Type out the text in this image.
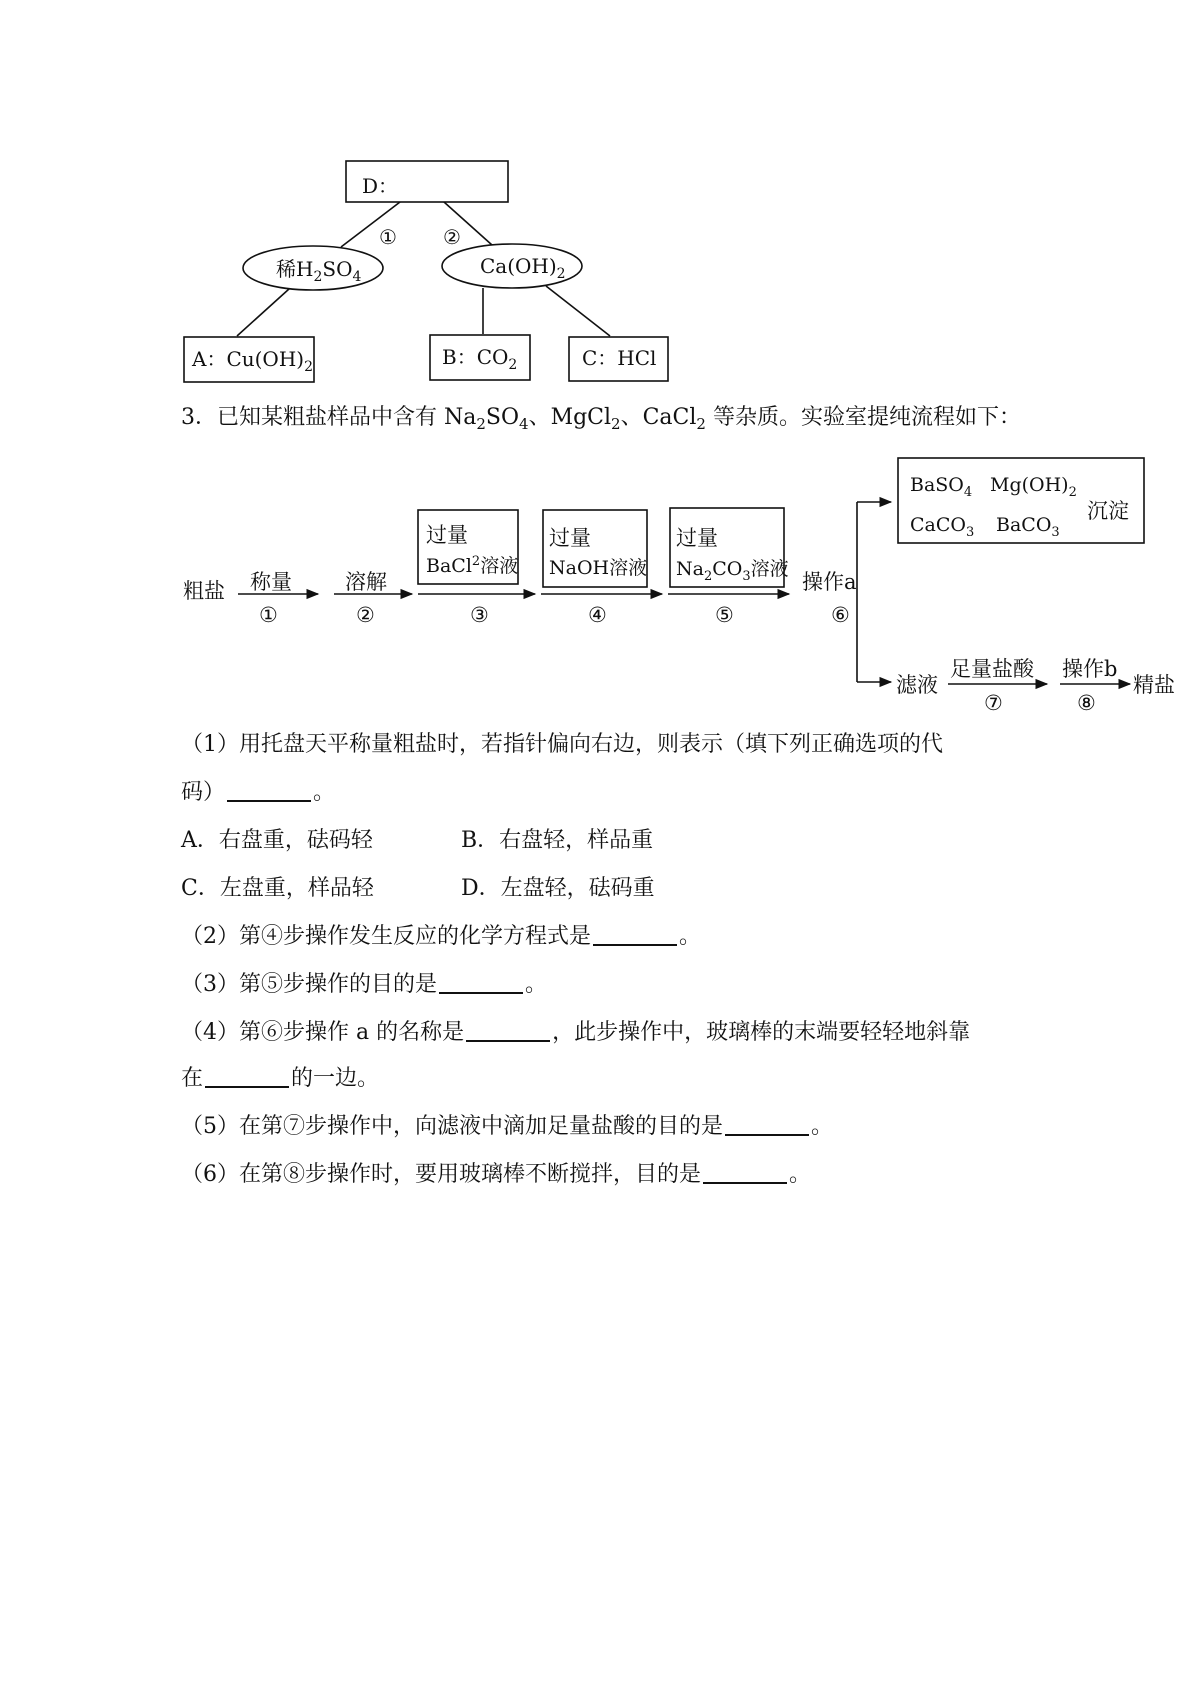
D：
① ②
稀$H_2SO_4$	$Ca(OH)_2$
A：$Cu(OH)_2$	B：$CO_2$	C：HCl
粗盐 称量
①
溶解
②
过量
BaCl$^2$溶液
③
过量
NaOH溶液
④
过量
$Na_2CO_3$溶液
⑤
操作a
⑥
BaSO$_4$ $Mg(OH)_2$
CaCO$_3$ BaCO$_3$
沉淀
滤液
足量盐酸
⑦
操作b
⑧
精盐
3．已知某粗盐样品中含有 $Na_2SO_4$、MgCl$_2$、CaCl$_2$ 等杂质。实验室提纯流程如下：
（1）用托盘天平称量粗盐时，若指针偏向右边，则表示（填下列正确选项的代
码）	。
A．右盘重，砝码轻	B．右盘轻，样品重
C．左盘重，样品轻	D．左盘轻，砝码重
（2）第④步操作发生反应的化学方程式是	。
（3）第⑤步操作的目的是	。
（4）第⑥步操作 a 的名称是	，此步操作中，玻璃棒的末端要轻轻地斜靠
在	的一边。
（5）在第⑦步操作中，向滤液中滴加足量盐酸的目的是	。
（6）在第⑧步操作时，要用玻璃棒不断搅拌，目的是	。
